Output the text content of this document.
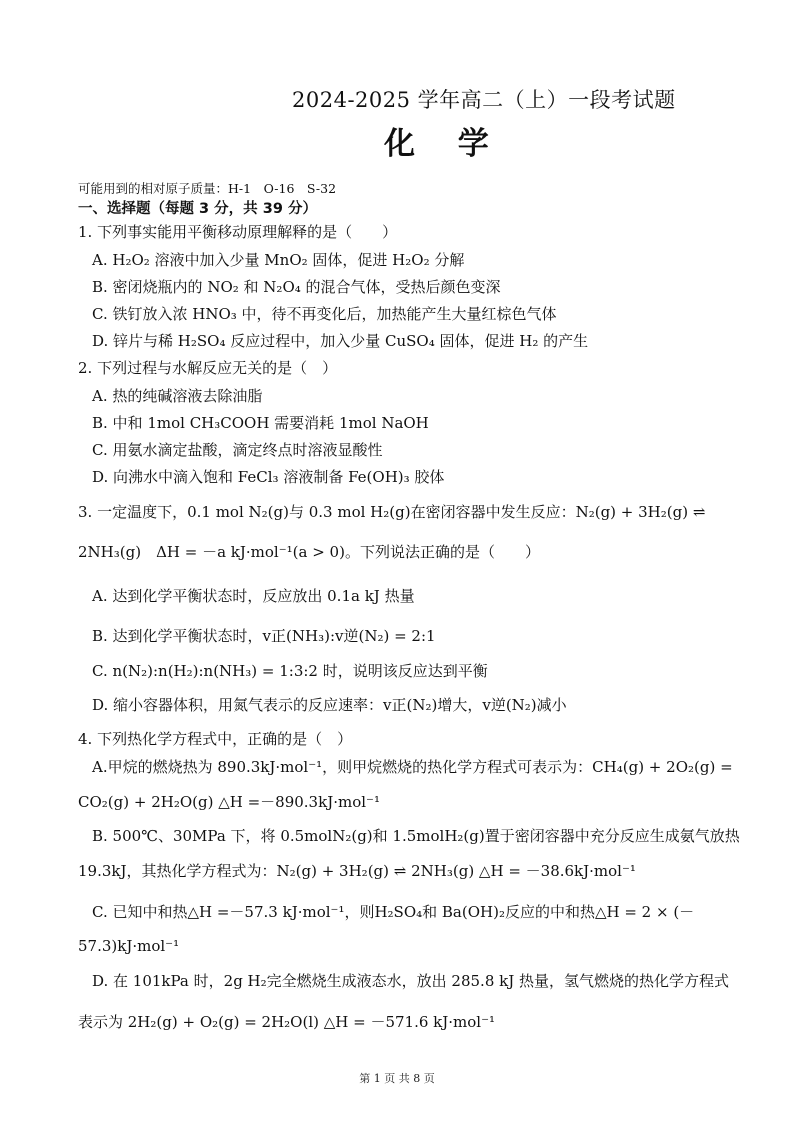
2024-2025 学年高二（上）一段考试题
化 学
可能用到的相对原子质量：H-1　O-16　S-32
一、选择题（每题 3 分，共 39 分）
1. 下列事实能用平衡移动原理解释的是（　　）
A. H₂O₂ 溶液中加入少量 MnO₂ 固体，促进 H₂O₂ 分解
B. 密闭烧瓶内的 NO₂ 和 N₂O₄ 的混合气体，受热后颜色变深
C. 铁钉放入浓 HNO₃ 中，待不再变化后，加热能产生大量红棕色气体
D. 锌片与稀 H₂SO₄ 反应过程中，加入少量 CuSO₄ 固体，促进 H₂ 的产生
2. 下列过程与水解反应无关的是（　）
A. 热的纯碱溶液去除油脂
B. 中和 1mol CH₃COOH 需要消耗 1mol NaOH
C. 用氨水滴定盐酸，滴定终点时溶液显酸性
D. 向沸水中滴入饱和 FeCl₃ 溶液制备 Fe(OH)₃ 胶体
3. 一定温度下，0.1 mol N₂(g)与 0.3 mol H₂(g)在密闭容器中发生反应：N₂(g) + 3H₂(g) ⇌
2NH₃(g)　ΔH = －a kJ·mol⁻¹(a > 0)。下列说法正确的是（　　）
A. 达到化学平衡状态时，反应放出 0.1a kJ 热量
B. 达到化学平衡状态时，v正(NH₃):v逆(N₂) = 2:1
C. n(N₂):n(H₂):n(NH₃) = 1:3:2 时，说明该反应达到平衡
D. 缩小容器体积，用氮气表示的反应速率：v正(N₂)增大，v逆(N₂)减小
4. 下列热化学方程式中，正确的是（　）
A.甲烷的燃烧热为 890.3kJ·mol⁻¹，则甲烷燃烧的热化学方程式可表示为：CH₄(g) + 2O₂(g) =
CO₂(g) + 2H₂O(g) △H =－890.3kJ·mol⁻¹
B. 500℃、30MPa 下，将 0.5molN₂(g)和 1.5molH₂(g)置于密闭容器中充分反应生成氨气放热
19.3kJ，其热化学方程式为：N₂(g) + 3H₂(g) ⇌ 2NH₃(g) △H = －38.6kJ·mol⁻¹
C. 已知中和热△H =－57.3 kJ·mol⁻¹，则H₂SO₄和 Ba(OH)₂反应的中和热△H = 2 × (－
57.3)kJ·mol⁻¹
D. 在 101kPa 时，2g H₂完全燃烧生成液态水，放出 285.8 kJ 热量，氢气燃烧的热化学方程式
表示为 2H₂(g) + O₂(g) = 2H₂O(l) △H = －571.6 kJ·mol⁻¹
第 1 页 共 8 页
